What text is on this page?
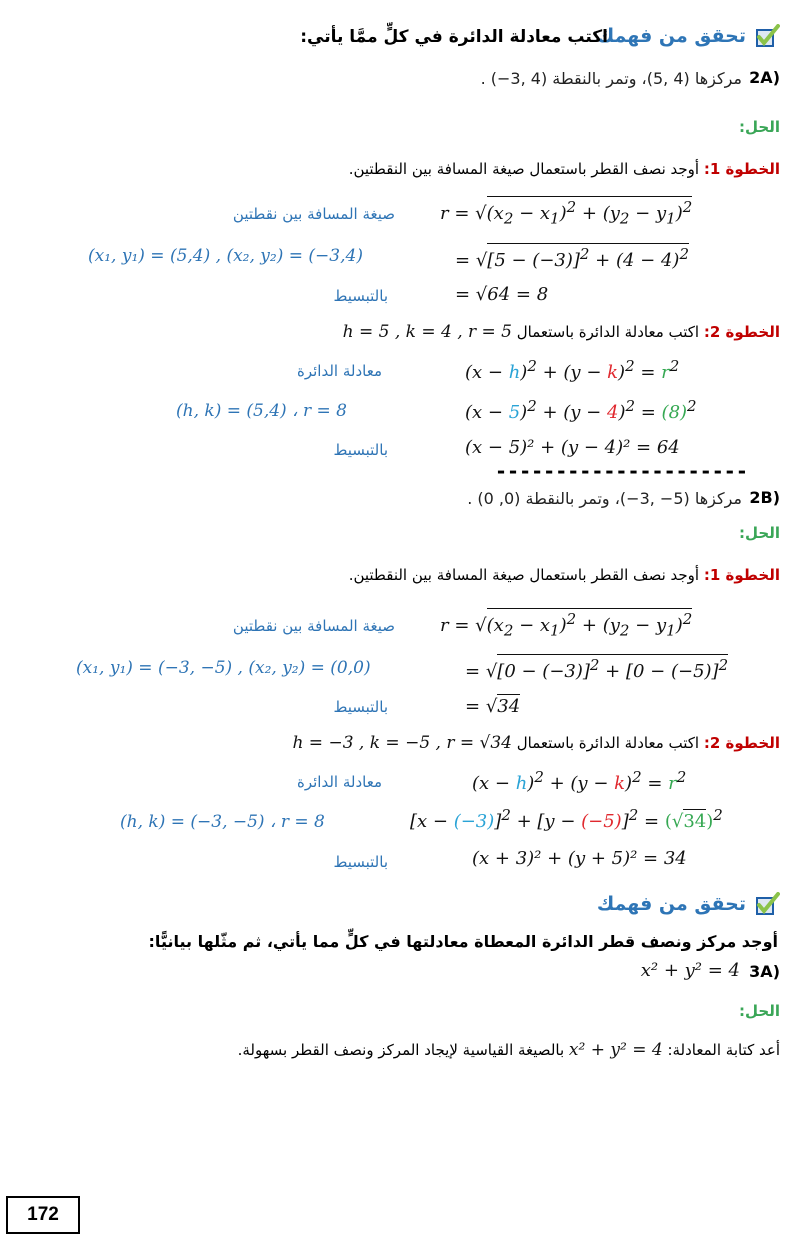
تحقق من فهمك
اكتب معادلة الدائرة في كلٍّ ممَّا يأتي:
2A)
مركزها (4 ,5)، وتمر بالنقطة (4 ,3−) .
الحل:
الخطوة 1: أوجد نصف القطر باستعمال صيغة المسافة بين النقطتين.
صيغة المسافة بين نقطتين	$r = √(x_2 - x_1)^2 + (y_2 - y_1)^2$
(x₁, y₁) = (5,4) , (x₂, y₂) = (−3,4)	= $√[5 - (-3)]^2 + (4 - 4)^2$
بالتبسيط	= √64 = 8
الخطوة 2: اكتب معادلة الدائرة باستعمال h = 5 , k = 4 , r = 5
معادلة الدائرة	$(x - h)^2 + (y - k)^2 = r^2$
(h, k) = (5,4) ، r = 8	$(x - 5)^2 + (y - 4)^2 = (8)^2$
بالتبسيط	(x − 5)² + (y − 4)² = 64
---------------------
2B)
مركزها (5− ,3−)، وتمر بالنقطة (0, 0) .
الحل:
الخطوة 1: أوجد نصف القطر باستعمال صيغة المسافة بين النقطتين.
صيغة المسافة بين نقطتين	$r = √(x_2 - x_1)^2 + (y_2 - y_1)^2$
(x₁, y₁) = (−3, −5) , (x₂, y₂) = (0,0)	= $√[0 - (-3)]^2 + [0 - (-5)]^2$
بالتبسيط	= √34
الخطوة 2: اكتب معادلة الدائرة باستعمال h = −3 , k = −5 , r = √34
معادلة الدائرة	$(x - h)^2 + (y - k)^2 = r^2$
(h, k) = (−3, −5) ، r = 8	$[x - (-3)]^2 + [y - (-5)]^2 = (√34)^2$
بالتبسيط	(x + 3)² + (y + 5)² = 34
تحقق من فهمك
أوجد مركز ونصف قطر الدائرة المعطاة معادلتها في كلٍّ مما يأتي، ثم مثّلها بيانيًّا:
3A)
x² + y² = 4
الحل:
أعد كتابة المعادلة: x² + y² = 4 بالصيغة القياسية لإيجاد المركز ونصف القطر بسهولة.
172
